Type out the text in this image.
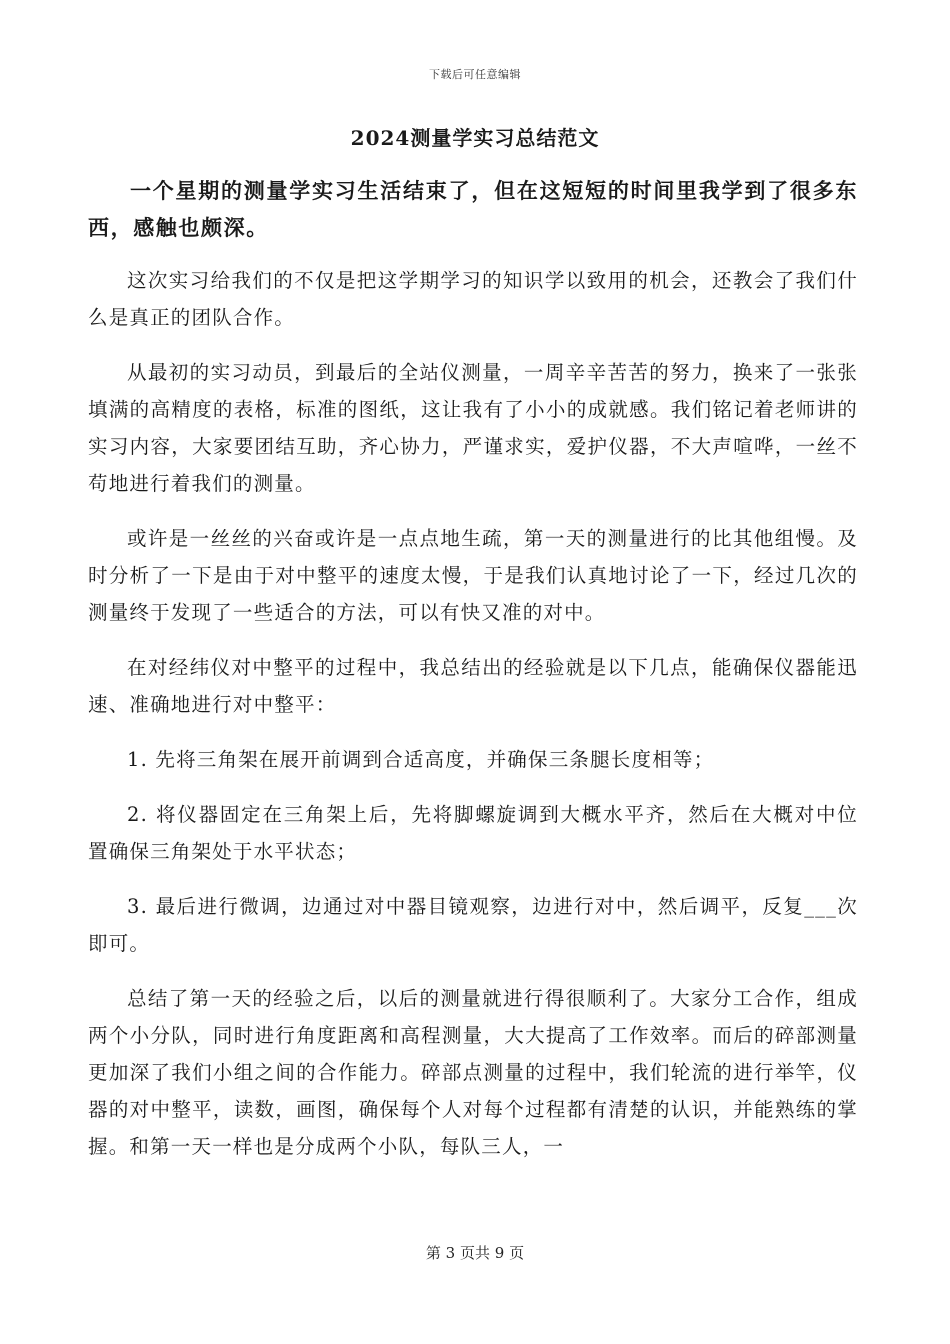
下载后可任意编辑
2024测量学实习总结范文

一个星期的测量学实习生活结束了，但在这短短的时间里我学到了很多东西，感触也颇深。

这次实习给我们的不仅是把这学期学习的知识学以致用的机会，还教会了我们什么是真正的团队合作。

从最初的实习动员，到最后的全站仪测量，一周辛辛苦苦的努力，换来了一张张填满的高精度的表格，标准的图纸，这让我有了小小的成就感。我们铭记着老师讲的实习内容，大家要团结互助，齐心协力，严谨求实，爱护仪器，不大声喧哗，一丝不苟地进行着我们的测量。

或许是一丝丝的兴奋或许是一点点地生疏，第一天的测量进行的比其他组慢。及时分析了一下是由于对中整平的速度太慢，于是我们认真地讨论了一下，经过几次的测量终于发现了一些适合的方法，可以有快又准的对中。

在对经纬仪对中整平的过程中，我总结出的经验就是以下几点，能确保仪器能迅速、准确地进行对中整平：

1. 先将三角架在展开前调到合适高度，并确保三条腿长度相等；

2. 将仪器固定在三角架上后，先将脚螺旋调到大概水平齐，然后在大概对中位置确保三角架处于水平状态；

3. 最后进行微调，边通过对中器目镜观察，边进行对中，然后调平，反复___次即可。

总结了第一天的经验之后，以后的测量就进行得很顺利了。大家分工合作，组成两个小分队，同时进行角度距离和高程测量，大大提高了工作效率。而后的碎部测量更加深了我们小组之间的合作能力。碎部点测量的过程中，我们轮流的进行举竿，仪器的对中整平，读数，画图，确保每个人对每个过程都有清楚的认识，并能熟练的掌握。和第一天一样也是分成两个小队，每队三人，一

第 3 页共 9 页
